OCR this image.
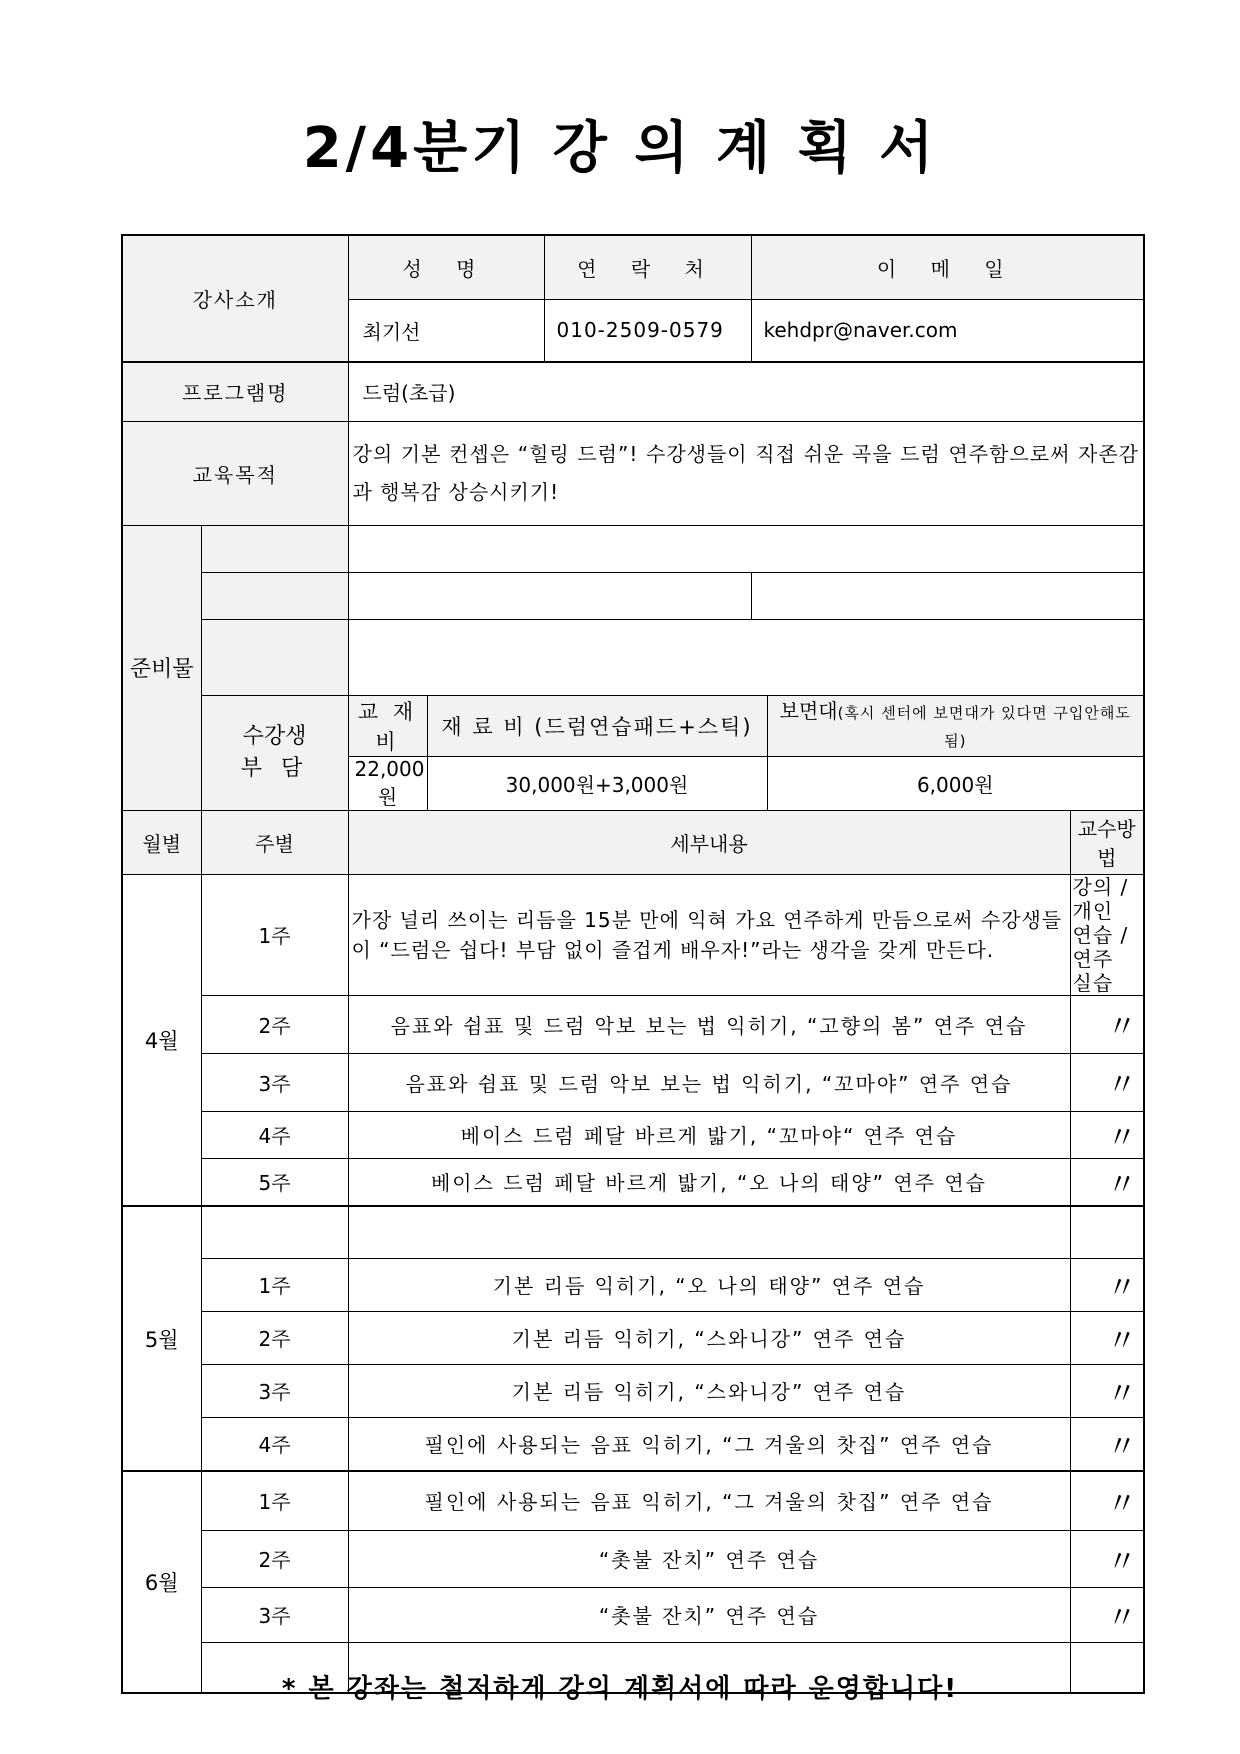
2/4분기 강 의 계 획 서
강사소개		성 명		연 락 처	이 메 일		
		최기선		010-2509-0579	kehdpr@naver.com		
프로그램명		드럼(초급)					
교육목적		강의 기본 컨셉은 “힐링 드럼”! 수강생들이 직접 쉬운 곡을 드럼 연주함으로써 자존감과 행복감 상승시키기!					
준비물							

	수강생
부 담	교 재 비	재 료 비 (드럼연습패드+스틱)			보면대(혹시 센터에 보면대가 있다면 구입안해도 됨)	
		22,000원	30,000원+3,000원			6,000원	
월별	주별	세부내용					교수방법
4월	1주	가장 널리 쓰이는 리듬을 15분 만에 익혀 가요 연주하게 만듬으로써 수강생들이 “드럼은 쉽다! 부담 없이 즐겁게 배우자!”라는 생각을 갖게 만든다.					강의 / 개인 연습 / 연주 실습
	2주	음표와 쉼표 및 드럼 악보 보는 법 익히기, “고향의 봄” 연주 연습					〃
	3주	음표와 쉼표 및 드럼 악보 보는 법 익히기, “꼬마야” 연주 연습					〃
	4주	베이스 드럼 페달 바르게 밟기, “꼬마야“ 연주 연습					〃
	5주	베이스 드럼 페달 바르게 밟기, “오 나의 태양” 연주 연습					〃
5월							
	1주	기본 리듬 익히기, “오 나의 태양” 연주 연습					〃
	2주	기본 리듬 익히기, “스와니강” 연주 연습					〃
	3주	기본 리듬 익히기, “스와니강” 연주 연습					〃
	4주	필인에 사용되는 음표 익히기, “그 겨울의 찻집” 연주 연습					〃
6월	1주	필인에 사용되는 음표 익히기, “그 겨울의 찻집” 연주 연습					〃
	2주	“촛불 잔치” 연주 연습					〃
	3주	“촛불 잔치” 연주 연습					〃

* 본 강좌는 철저하게 강의 계획서에 따라 운영합니다!
